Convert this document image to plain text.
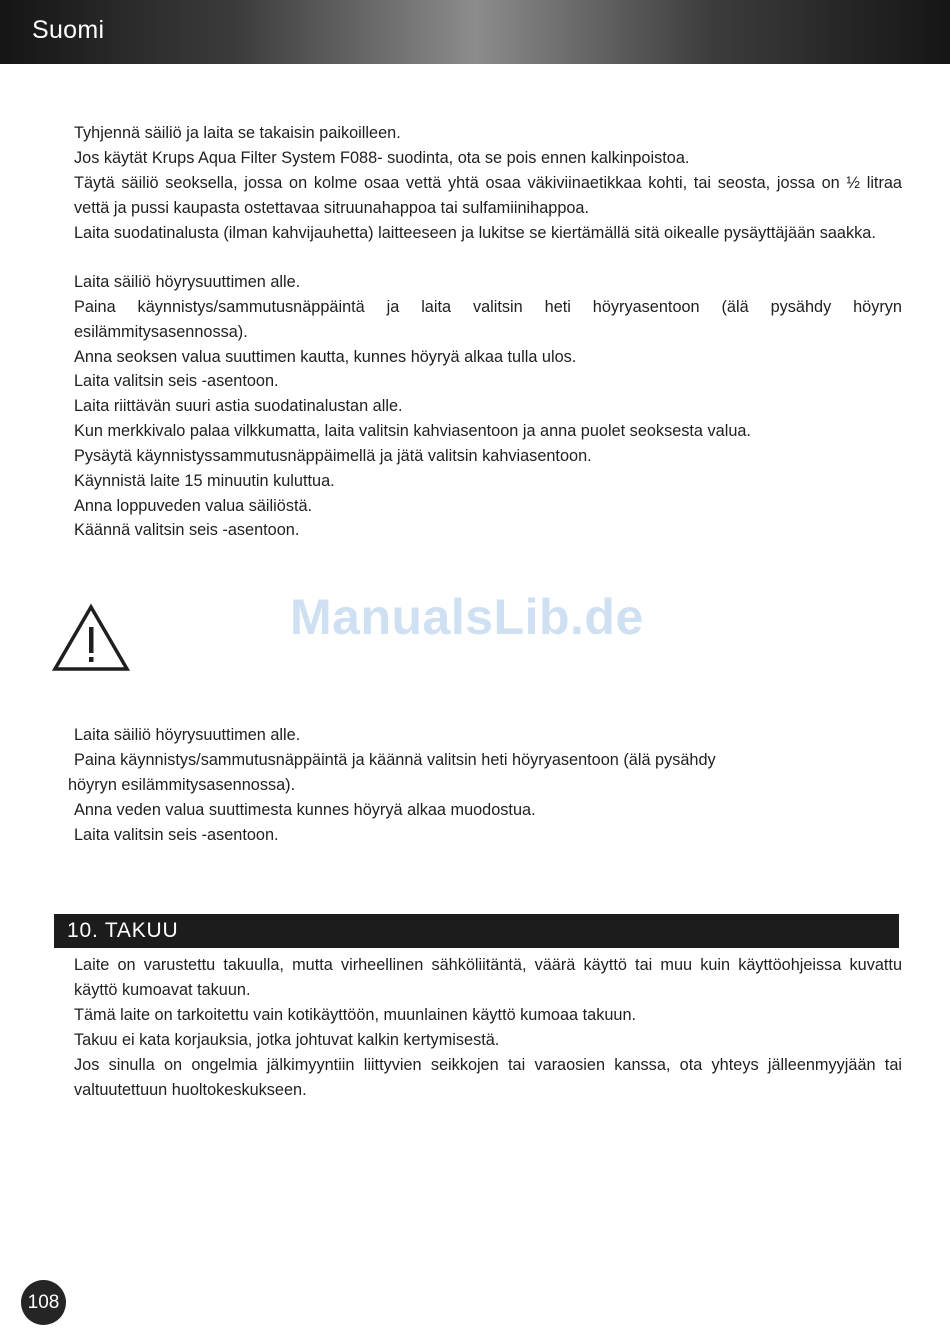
Suomi
Tyhjennä säiliö ja laita se takaisin paikoilleen.
Jos käytät Krups Aqua Filter System F088- suodinta, ota se pois ennen kalkinpoistoa.
Täytä säiliö seoksella, jossa on kolme osaa vettä yhtä osaa väkiviinaetikkaa kohti, tai seosta, jossa on ½ litraa vettä ja pussi kaupasta ostettavaa sitruunahappoa tai sulfamiinihappoa.
Laita suodatinalusta (ilman kahvijauhetta) laitteeseen ja lukitse se kiertämällä sitä oikealle pysäyttäjään saakka.
Laita säiliö höyrysuuttimen alle.
Paina käynnistys/sammutusnäppäintä ja laita valitsin heti höyryasentoon (älä pysähdy höyryn esilämmitysasennossa).
Anna seoksen valua suuttimen kautta, kunnes höyryä alkaa tulla ulos.
Laita valitsin seis -asentoon.
Laita riittävän suuri astia suodatinalustan alle.
Kun merkkivalo palaa vilkkumatta, laita valitsin kahviasentoon ja anna puolet seoksesta valua.
Pysäytä käynnistyssammutusnäppäimellä ja jätä valitsin kahviasentoon.
Käynnistä laite 15 minuutin kuluttua.
Anna loppuveden valua säiliöstä.
Käännä valitsin seis -asentoon.
ManualsLib.de
Laita säiliö höyrysuuttimen alle.
Paina käynnistys/sammutusnäppäintä ja käännä valitsin heti höyryasentoon (älä pysähdy
höyryn esilämmitysasennossa).
Anna veden valua suuttimesta kunnes höyryä alkaa muodostua.
Laita valitsin seis -asentoon.
10. TAKUU
Laite on varustettu takuulla, mutta virheellinen sähköliitäntä, väärä käyttö tai muu kuin käyttöohjeissa kuvattu käyttö kumoavat takuun.
Tämä laite on tarkoitettu vain kotikäyttöön, muunlainen käyttö kumoaa takuun.
Takuu ei kata korjauksia, jotka johtuvat kalkin kertymisestä.
Jos sinulla on ongelmia jälkimyyntiin liittyvien seikkojen tai varaosien kanssa, ota yhteys jälleenmyyjään tai valtuutettuun huoltokeskukseen.
108
